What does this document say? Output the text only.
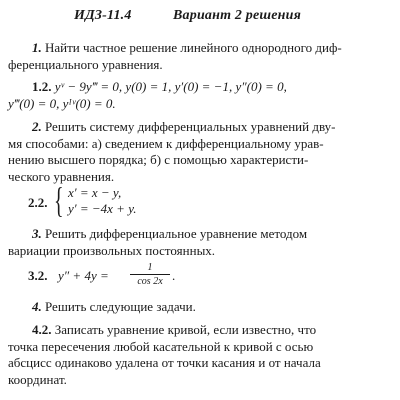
ИДЗ-11.4	Вариант 2 решения
1. Найти частное решение линейного однородного диф-
ференциального уравнения.
1.2. yᵛ − 9y‴ = 0, y(0) = 1, y′(0) = −1, y″(0) = 0,
y‴(0) = 0, yᴵᵛ(0) = 0.
2. Решить систему дифференциальных уравнений дву-
мя способами: а) сведением к дифференциальному урав-
нению высшего порядка; б) с помощью характеристи-
ческого уравнения.
2.2. { x′ = x − y,
y′ = −4x + y.
3. Решить дифференциальное уравнение методом
вариации произвольных постоянных.
3.2. y″ + 4y =
1
cos 2x .
4. Решить следующие задачи.
4.2. Записать уравнение кривой, если известно, что
точка пересечения любой касательной к кривой с осью
абсцисс одинаково удалена от точки касания и от начала
координат.
